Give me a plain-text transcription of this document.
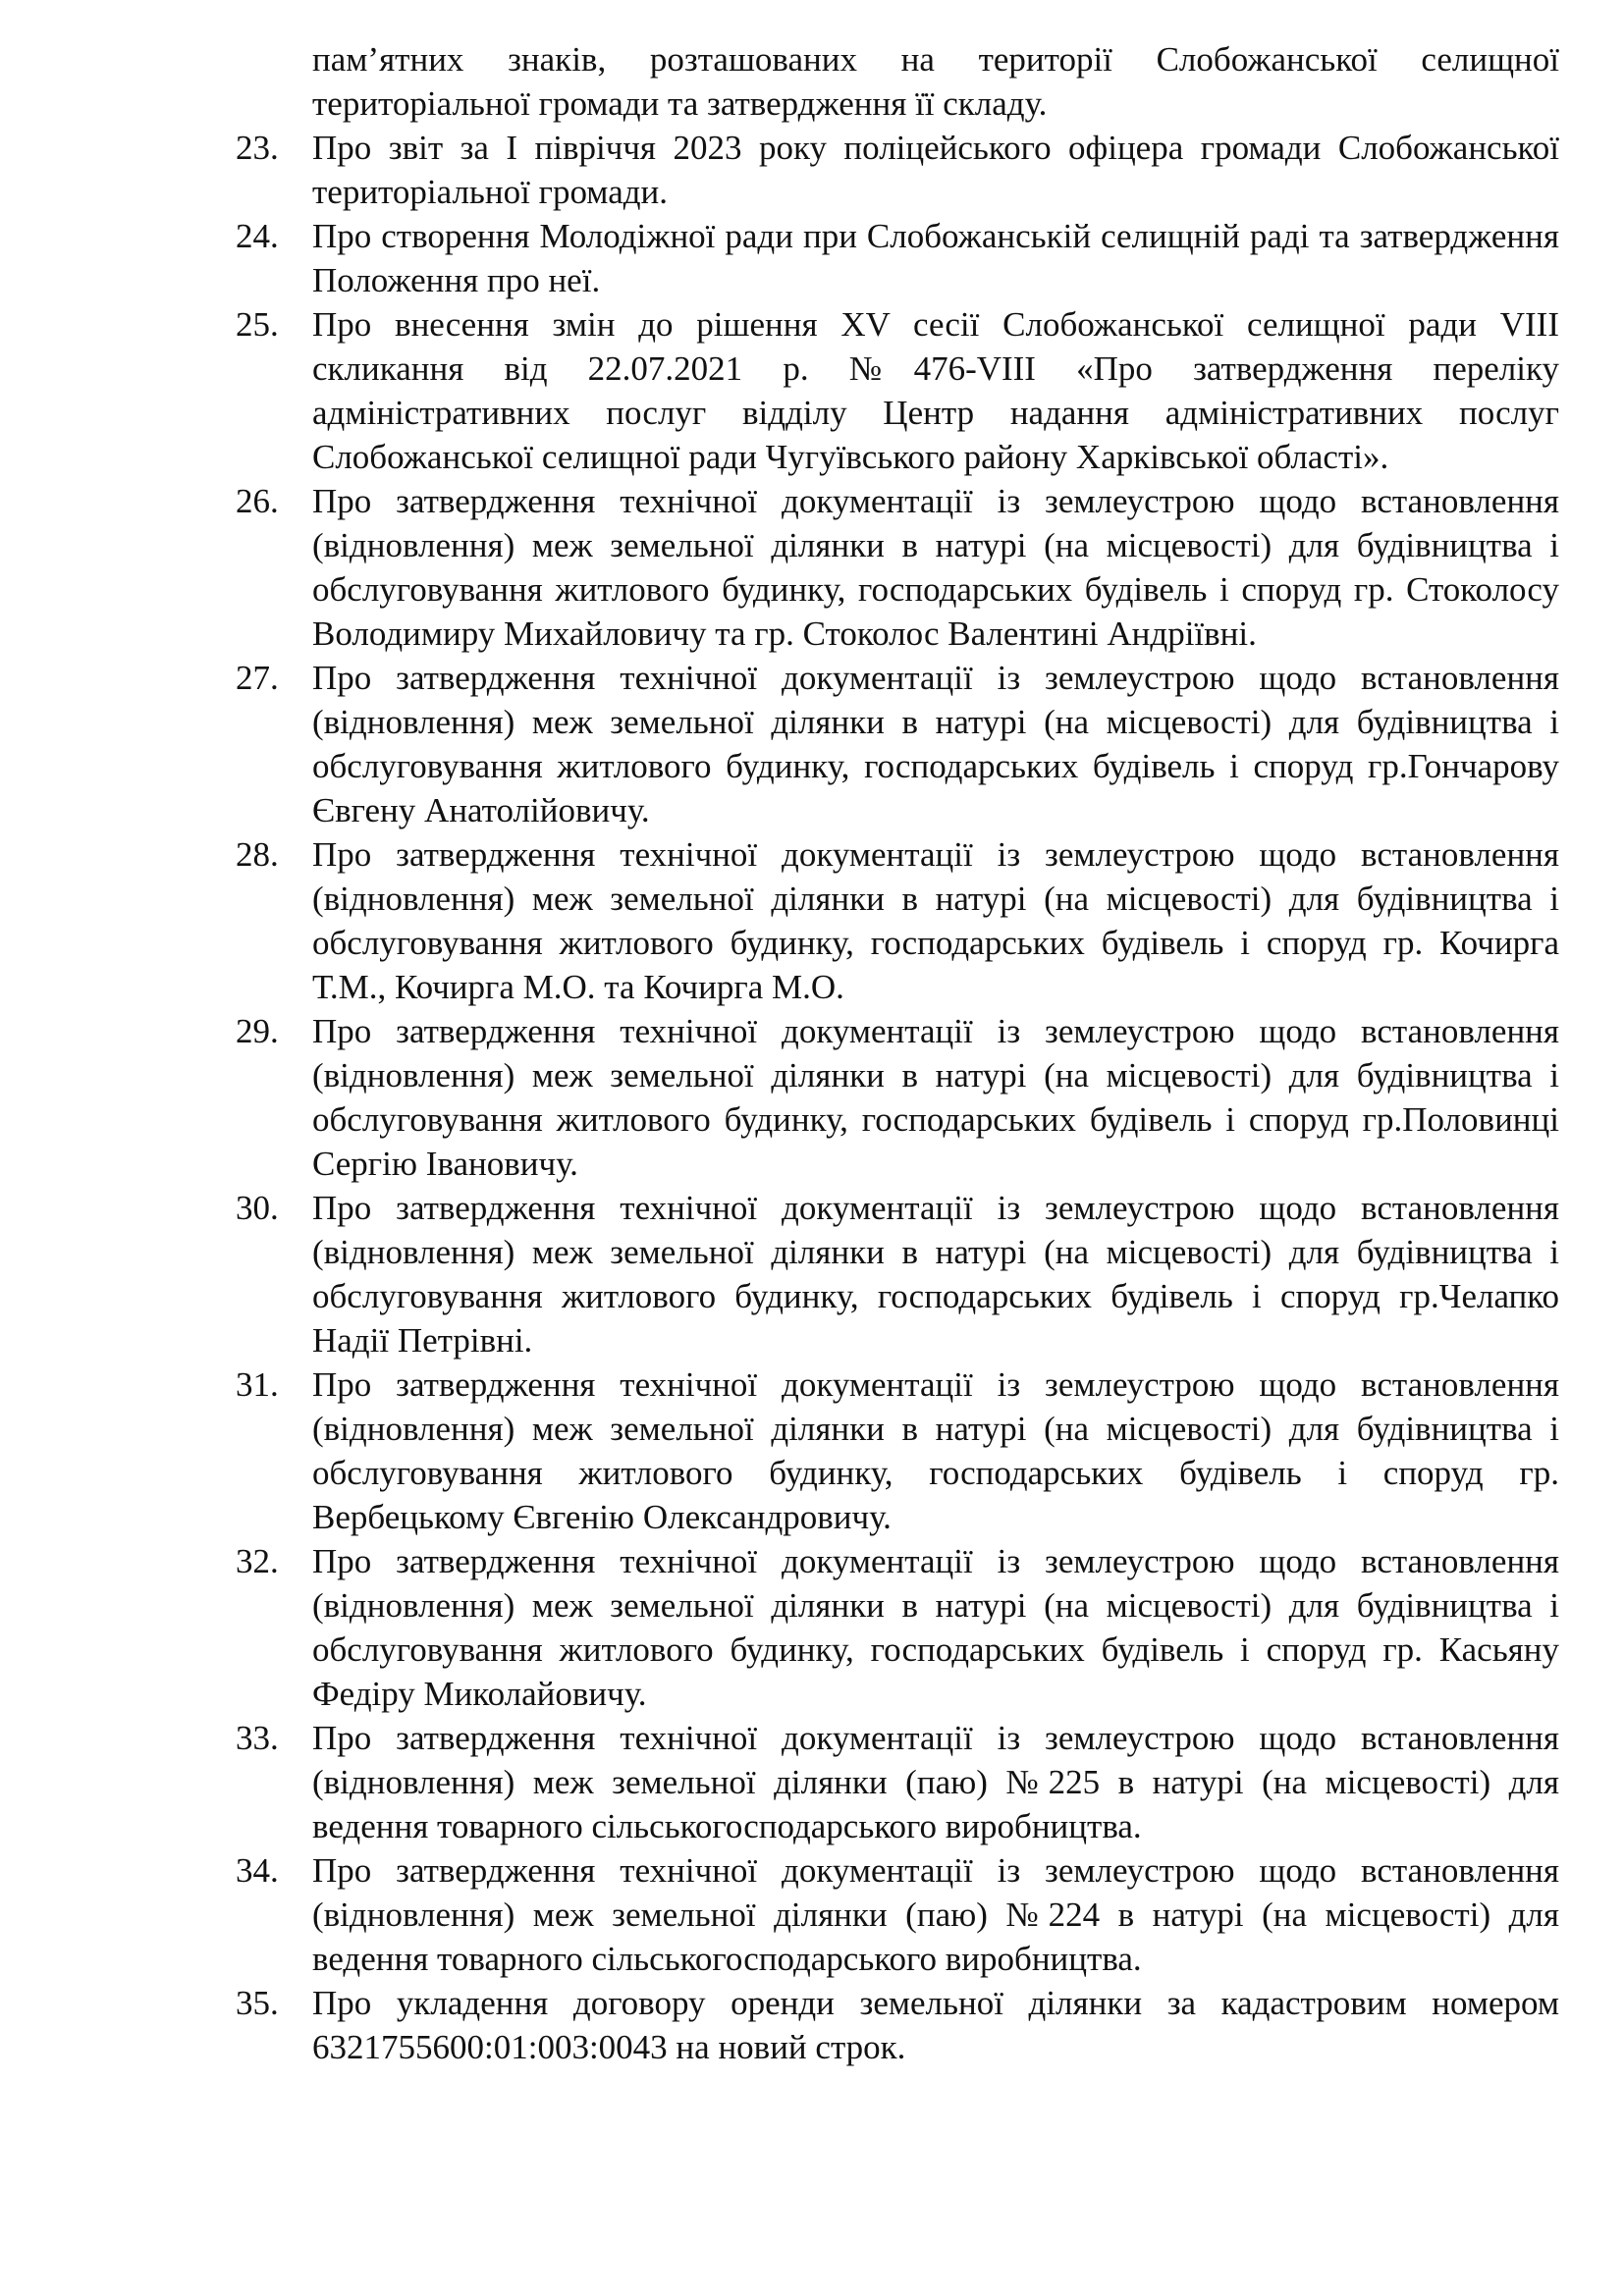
пам’ятних знаків, розташованих на території Слобожанської селищної територіальної громади та затвердження її складу.
23. Про звіт за І півріччя 2023 року поліцейського офіцера громади Слобожанської територіальної громади.
24. Про створення Молодіжної ради при Слобожанській селищній раді та затвердження Положення про неї.
25. Про внесення змін до рішення XV сесії Слобожанської селищної ради VIII скликання від 22.07.2021 р. №476-VIII «Про затвердження переліку адміністративних послуг відділу Центр надання адміністративних послуг Слобожанської селищної ради Чугуївського району Харківської області».
26. Про затвердження технічної документації із землеустрою щодо встановлення (відновлення) меж земельної ділянки в натурі (на місцевості) для будівництва і обслуговування житлового будинку, господарських будівель і споруд гр. Стоколосу Володимиру Михайловичу та гр. Стоколос Валентині Андріївні.
27. Про затвердження технічної документації із землеустрою щодо встановлення (відновлення) меж земельної ділянки в натурі (на місцевості) для будівництва і обслуговування житлового будинку, господарських будівель і споруд гр.Гончарову Євгену Анатолійовичу.
28. Про затвердження технічної документації із землеустрою щодо встановлення (відновлення) меж земельної ділянки в натурі (на місцевості) для будівництва і обслуговування житлового будинку, господарських будівель і споруд гр. Кочирга Т.М., Кочирга М.О. та Кочирга М.О.
29. Про затвердження технічної документації із землеустрою щодо встановлення (відновлення) меж земельної ділянки в натурі (на місцевості) для будівництва і обслуговування житлового будинку, господарських будівель і споруд гр.Половинці Сергію Івановичу.
30. Про затвердження технічної документації із землеустрою щодо встановлення (відновлення) меж земельної ділянки в натурі (на місцевості) для будівництва і обслуговування житлового будинку, господарських будівель і споруд гр.Челапко Надії Петрівні.
31. Про затвердження технічної документації із землеустрою щодо встановлення (відновлення) меж земельної ділянки в натурі (на місцевості) для будівництва і обслуговування житлового будинку, господарських будівель і споруд гр. Вербецькому Євгенію Олександровичу.
32. Про затвердження технічної документації із землеустрою щодо встановлення (відновлення) меж земельної ділянки в натурі (на місцевості) для будівництва і обслуговування житлового будинку, господарських будівель і споруд гр. Касьяну Федіру Миколайовичу.
33. Про затвердження технічної документації із землеустрою щодо встановлення (відновлення) меж земельної ділянки (паю) №225 в натурі (на місцевості) для ведення товарного сільськогосподарського виробництва.
34. Про затвердження технічної документації із землеустрою щодо встановлення (відновлення) меж земельної ділянки (паю) №224 в натурі (на місцевості) для ведення товарного сільськогосподарського виробництва.
35. Про укладення договору оренди земельної ділянки за кадастровим номером 6321755600:01:003:0043 на новий строк.
